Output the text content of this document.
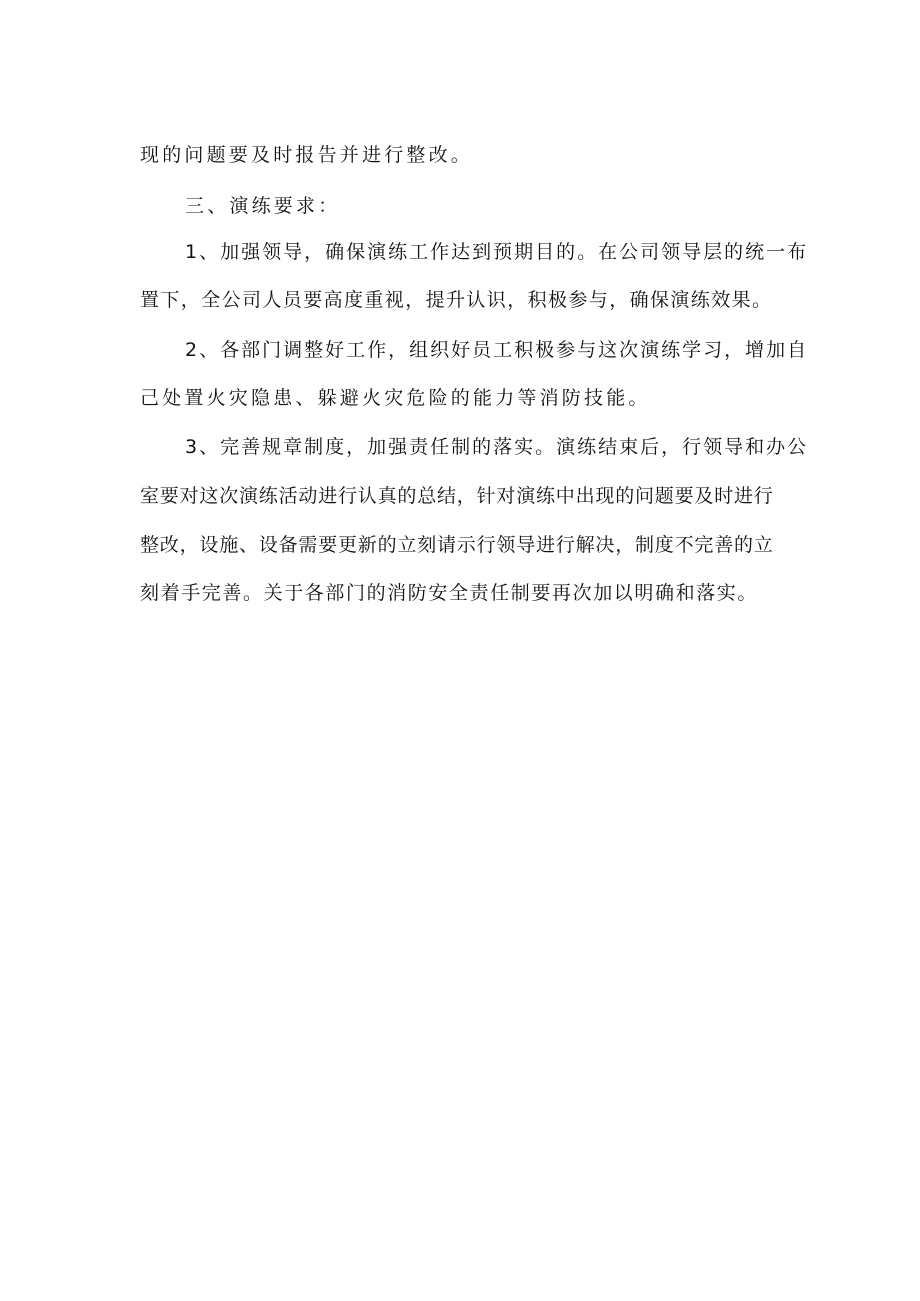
现的问题要及时报告并进行整改。
三、演练要求：
1、加强领导，确保演练工作达到预期目的。在公司领导层的统一布
置下，全公司人员要高度重视，提升认识，积极参与，确保演练效果。
2、各部门调整好工作，组织好员工积极参与这次演练学习，增加自
己处置火灾隐患、躲避火灾危险的能力等消防技能。
3、完善规章制度，加强责任制的落实。演练结束后，行领导和办公
室要对这次演练活动进行认真的总结，针对演练中出现的问题要及时进行
整改，设施、设备需要更新的立刻请示行领导进行解决，制度不完善的立
刻着手完善。关于各部门的消防安全责任制要再次加以明确和落实。
